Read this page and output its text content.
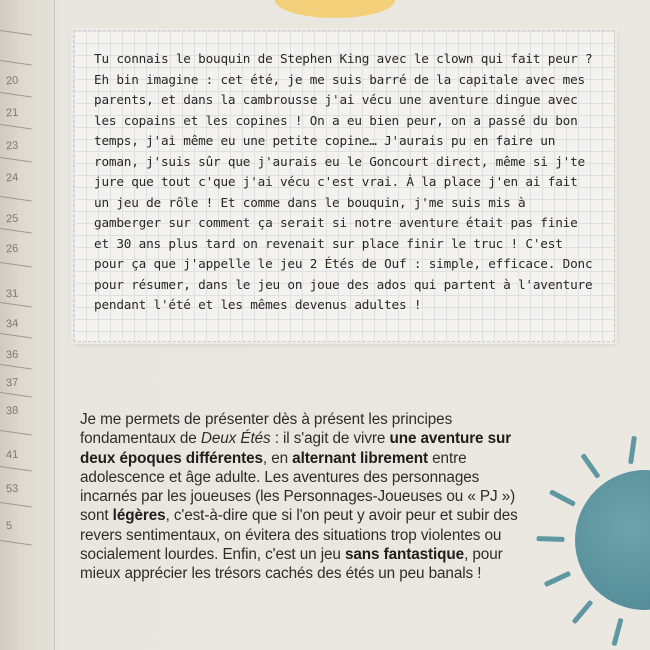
20
21
23
24
25
26
31
34
36
37
38
41
53
5

Tu connais le bouquin de Stephen King avec le clown qui fait peur ? Eh bin imagine : cet été, je me suis barré de la capitale avec mes parents, et dans la cambrousse j'ai vécu une aventure dingue avec les copains et les copines ! On a eu bien peur, on a passé du bon temps, j'ai même eu une petite copine… J'aurais pu en faire un roman, j'suis sûr que j'aurais eu le Goncourt direct, même si j'te jure que tout c'que j'ai vécu c'est vrai. À la place j'en ai fait un jeu de rôle ! Et comme dans le bouquin, j'me suis mis à gamberger sur comment ça serait si notre aventure était pas finie et 30 ans plus tard on revenait sur place finir le truc ! C'est pour ça que j'appelle le jeu 2 Étés de Ouf : simple, efficace. Donc pour résumer, dans le jeu on joue des ados qui partent à l'aventure pendant l'été et les mêmes devenus adultes !

Je me permets de présenter dès à présent les principes fondamentaux de Deux Étés : il s'agit de vivre une aventure sur deux époques différentes, en alternant librement entre adolescence et âge adulte. Les aventures des personnages incarnés par les joueuses (les Personnages-Joueuses ou « PJ ») sont légères, c'est-à-dire que si l'on peut y avoir peur et subir des revers sentimentaux, on évitera des situations trop violentes ou socialement lourdes. Enfin, c'est un jeu sans fantastique, pour mieux apprécier les trésors cachés des étés un peu banals !
